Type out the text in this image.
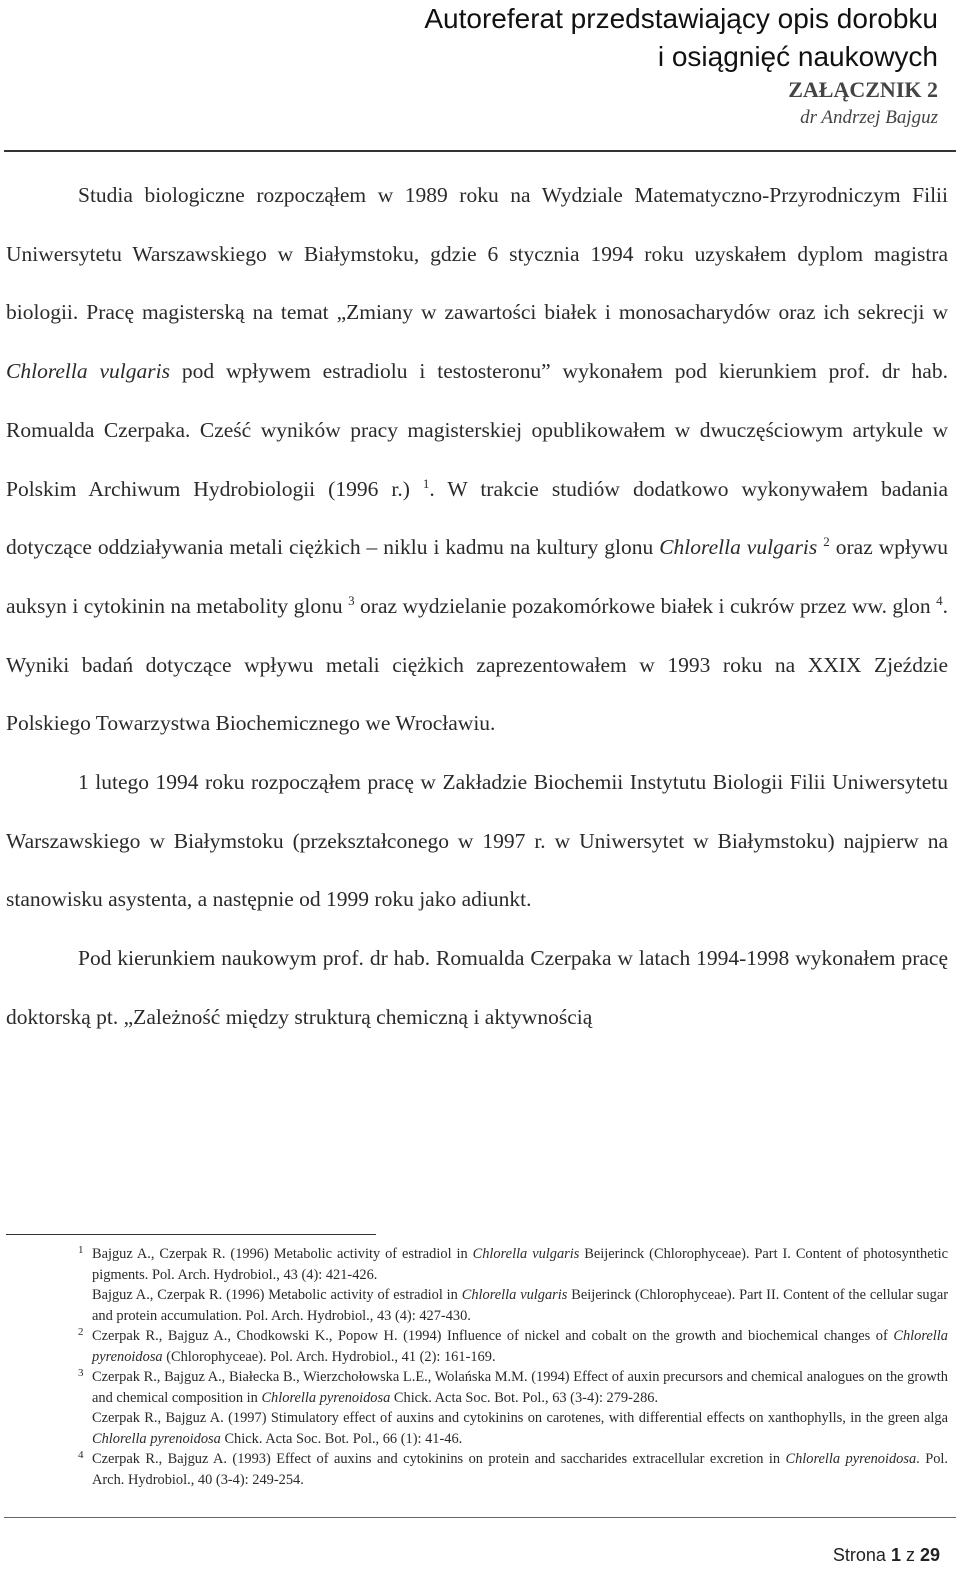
Autoreferat przedstawiający opis dorobku
i osiągnięć naukowych
ZAŁĄCZNIK 2
dr Andrzej Bajguz

Studia biologiczne rozpocząłem w 1989 roku na Wydziale Matematyczno-Przyrodniczym Filii Uniwersytetu Warszawskiego w Białymstoku, gdzie 6 stycznia 1994 roku uzyskałem dyplom magistra biologii. Pracę magisterską na temat „Zmiany w zawartości białek i monosacharydów oraz ich sekrecji w Chlorella vulgaris pod wpływem estradiolu i testosteronu” wykonałem pod kierunkiem prof. dr hab. Romualda Czerpaka. Cześć wyników pracy magisterskiej opublikowałem w dwuczęściowym artykule w Polskim Archiwum Hydrobiologii (1996 r.) $^1$. W trakcie studiów dodatkowo wykonywałem badania dotyczące oddziaływania metali ciężkich – niklu i kadmu na kultury glonu Chlorella vulgaris $^2$ oraz wpływu auksyn i cytokinin na metabolity glonu $^3$ oraz wydzielanie pozakomórkowe białek i cukrów przez ww. glon $^4$. Wyniki badań dotyczące wpływu metali ciężkich zaprezentowałem w 1993 roku na XXIX Zjeździe Polskiego Towarzystwa Biochemicznego we Wrocławiu.

1 lutego 1994 roku rozpocząłem pracę w Zakładzie Biochemii Instytutu Biologii Filii Uniwersytetu Warszawskiego w Białymstoku (przekształconego w 1997 r. w Uniwersytet w Białymstoku) najpierw na stanowisku asystenta, a następnie od 1999 roku jako adiunkt.

Pod kierunkiem naukowym prof. dr hab. Romualda Czerpaka w latach 1994-1998 wykonałem pracę doktorską pt. „Zależność między strukturą chemiczną i aktywnością

1 Bajguz A., Czerpak R. (1996) Metabolic activity of estradiol in Chlorella vulgaris Beijerinck (Chlorophyceae). Part I. Content of photosynthetic pigments. Pol. Arch. Hydrobiol., 43 (4): 421-426.
Bajguz A., Czerpak R. (1996) Metabolic activity of estradiol in Chlorella vulgaris Beijerinck (Chlorophyceae). Part II. Content of the cellular sugar and protein accumulation. Pol. Arch. Hydrobiol., 43 (4): 427-430.
2 Czerpak R., Bajguz A., Chodkowski K., Popow H. (1994) Influence of nickel and cobalt on the growth and biochemical changes of Chlorella pyrenoidosa (Chlorophyceae). Pol. Arch. Hydrobiol., 41 (2): 161-169.
3 Czerpak R., Bajguz A., Białecka B., Wierzchołowska L.E., Wolańska M.M. (1994) Effect of auxin precursors and chemical analogues on the growth and chemical composition in Chlorella pyrenoidosa Chick. Acta Soc. Bot. Pol., 63 (3-4): 279-286.
Czerpak R., Bajguz A. (1997) Stimulatory effect of auxins and cytokinins on carotenes, with differential effects on xanthophylls, in the green alga Chlorella pyrenoidosa Chick. Acta Soc. Bot. Pol., 66 (1): 41-46.
4 Czerpak R., Bajguz A. (1993) Effect of auxins and cytokinins on protein and saccharides extracellular excretion in Chlorella pyrenoidosa. Pol. Arch. Hydrobiol., 40 (3-4): 249-254.
Strona 1 z 29
